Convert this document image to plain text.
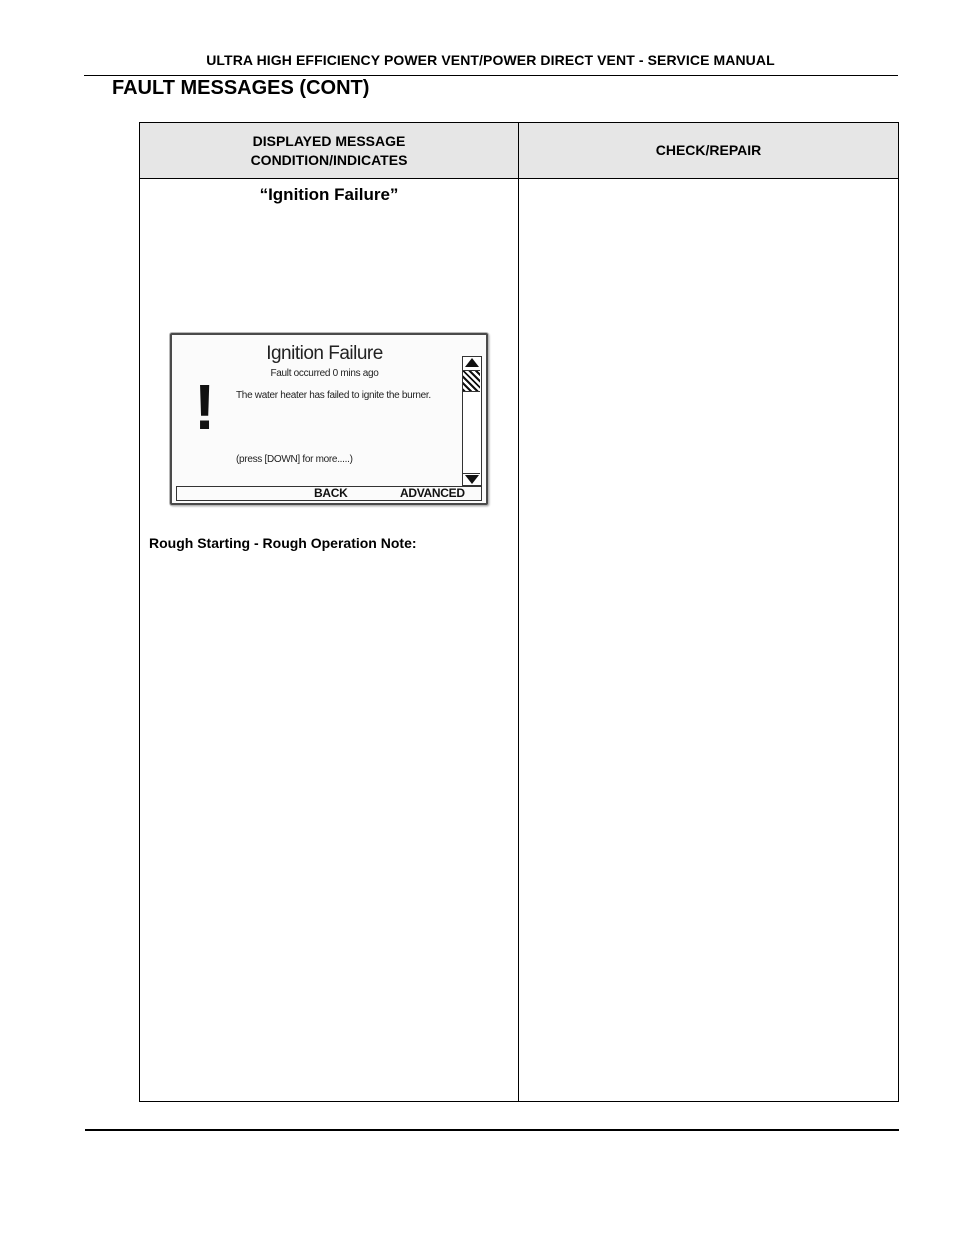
ULTRA HIGH EFFICIENCY POWER VENT/POWER DIRECT VENT - SERVICE MANUAL
FAULT MESSAGES (CONT)
DISPLAYED MESSAGE
CONDITION/INDICATES
CHECK/REPAIR
“Ignition Failure”
Ignition Failure
Fault occurred 0 mins ago
! The water heater has failed to ignite the burner.
(press [DOWN] for more.....)
BACK	ADVANCED
Rough Starting - Rough Operation Note:
